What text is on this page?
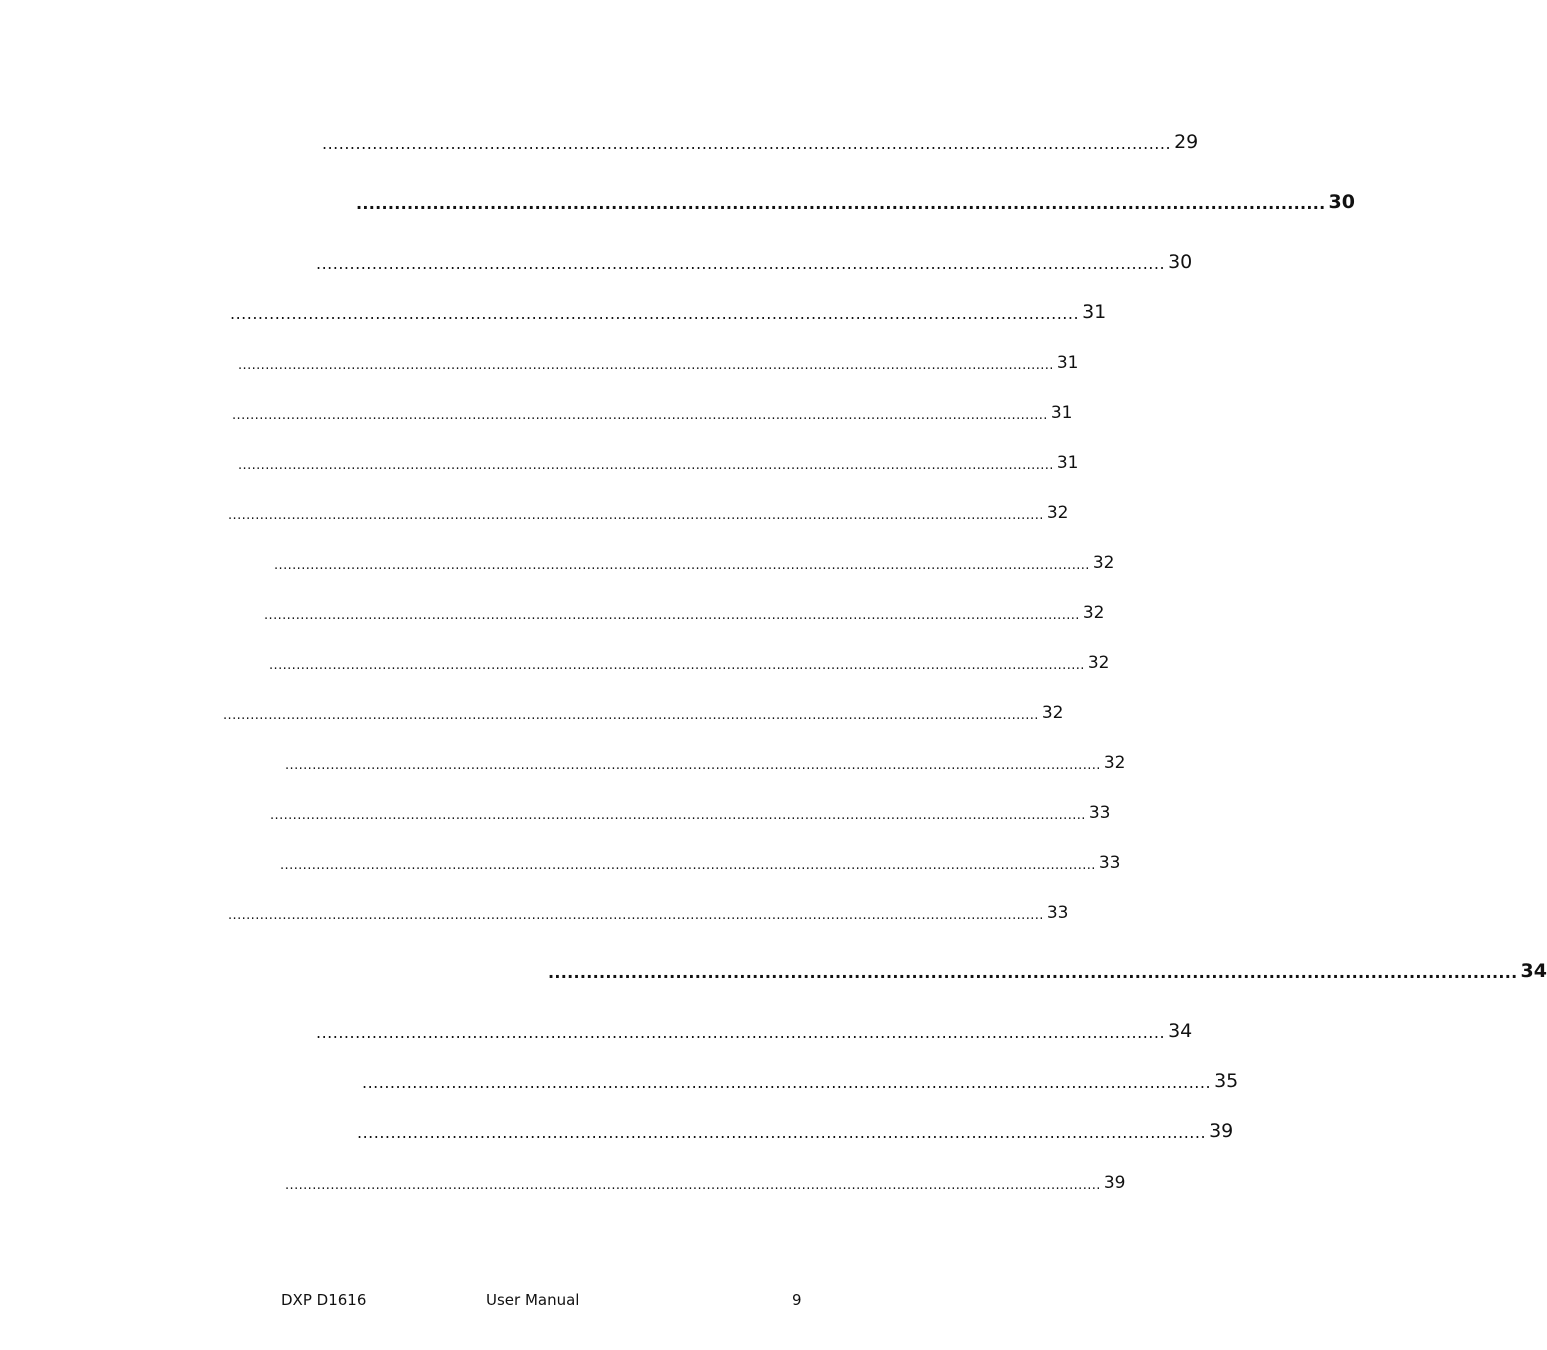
........................................................................................................................................................ 29
........................................................................................................................................................ 30
........................................................................................................................................................ 30
........................................................................................................................................................ 31
.................................................................................................................................................................................... 31
.................................................................................................................................................................................... 31
.................................................................................................................................................................................... 31
.................................................................................................................................................................................... 32
.................................................................................................................................................................................... 32
.................................................................................................................................................................................... 32
.................................................................................................................................................................................... 32
.................................................................................................................................................................................... 32
.................................................................................................................................................................................... 32
.................................................................................................................................................................................... 33
.................................................................................................................................................................................... 33
.................................................................................................................................................................................... 33
........................................................................................................................................................ 34
........................................................................................................................................................ 34
........................................................................................................................................................ 35
........................................................................................................................................................ 39
.................................................................................................................................................................................... 39
DXP D1616	User Manual	9
